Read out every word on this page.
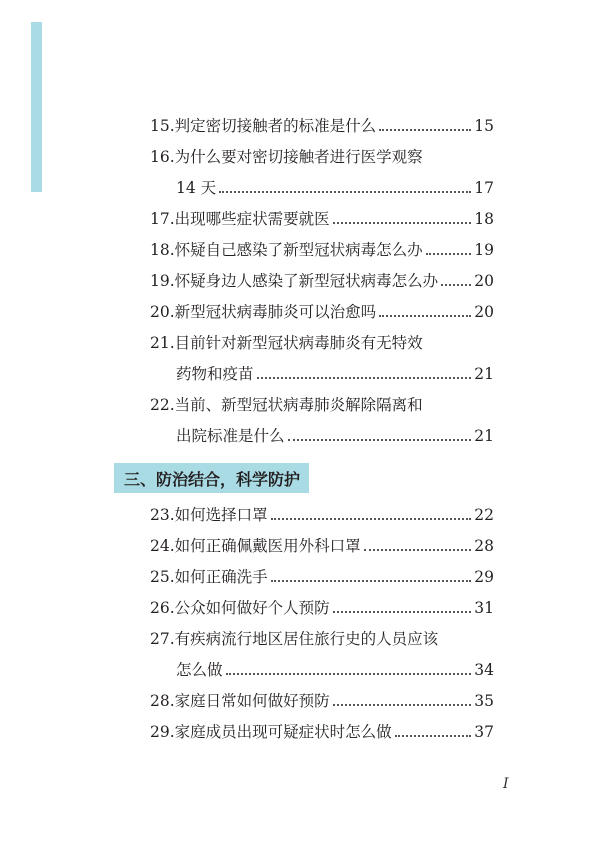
15. 判定密切接触者的标准是什么	15
16. 为什么要对密切接触者进行医学观察
14 天	17
17. 出现哪些症状需要就医	18
18. 怀疑自己感染了新型冠状病毒怎么办	19
19. 怀疑身边人感染了新型冠状病毒怎么办 20
20. 新型冠状病毒肺炎可以治愈吗	20
21. 目前针对新型冠状病毒肺炎有无特效
药物和疫苗	21
22. 当前、新型冠状病毒肺炎解除隔离和
出院标准是什么	21
三、防治结合，科学防护
23. 如何选择口罩	22
24. 如何正确佩戴医用外科口罩	28
25. 如何正确洗手	29
26. 公众如何做好个人预防	31
27. 有疾病流行地区居住旅行史的人员应该
怎么做	34
28. 家庭日常如何做好预防	35
29. 家庭成员出现可疑症状时怎么做	37
I
